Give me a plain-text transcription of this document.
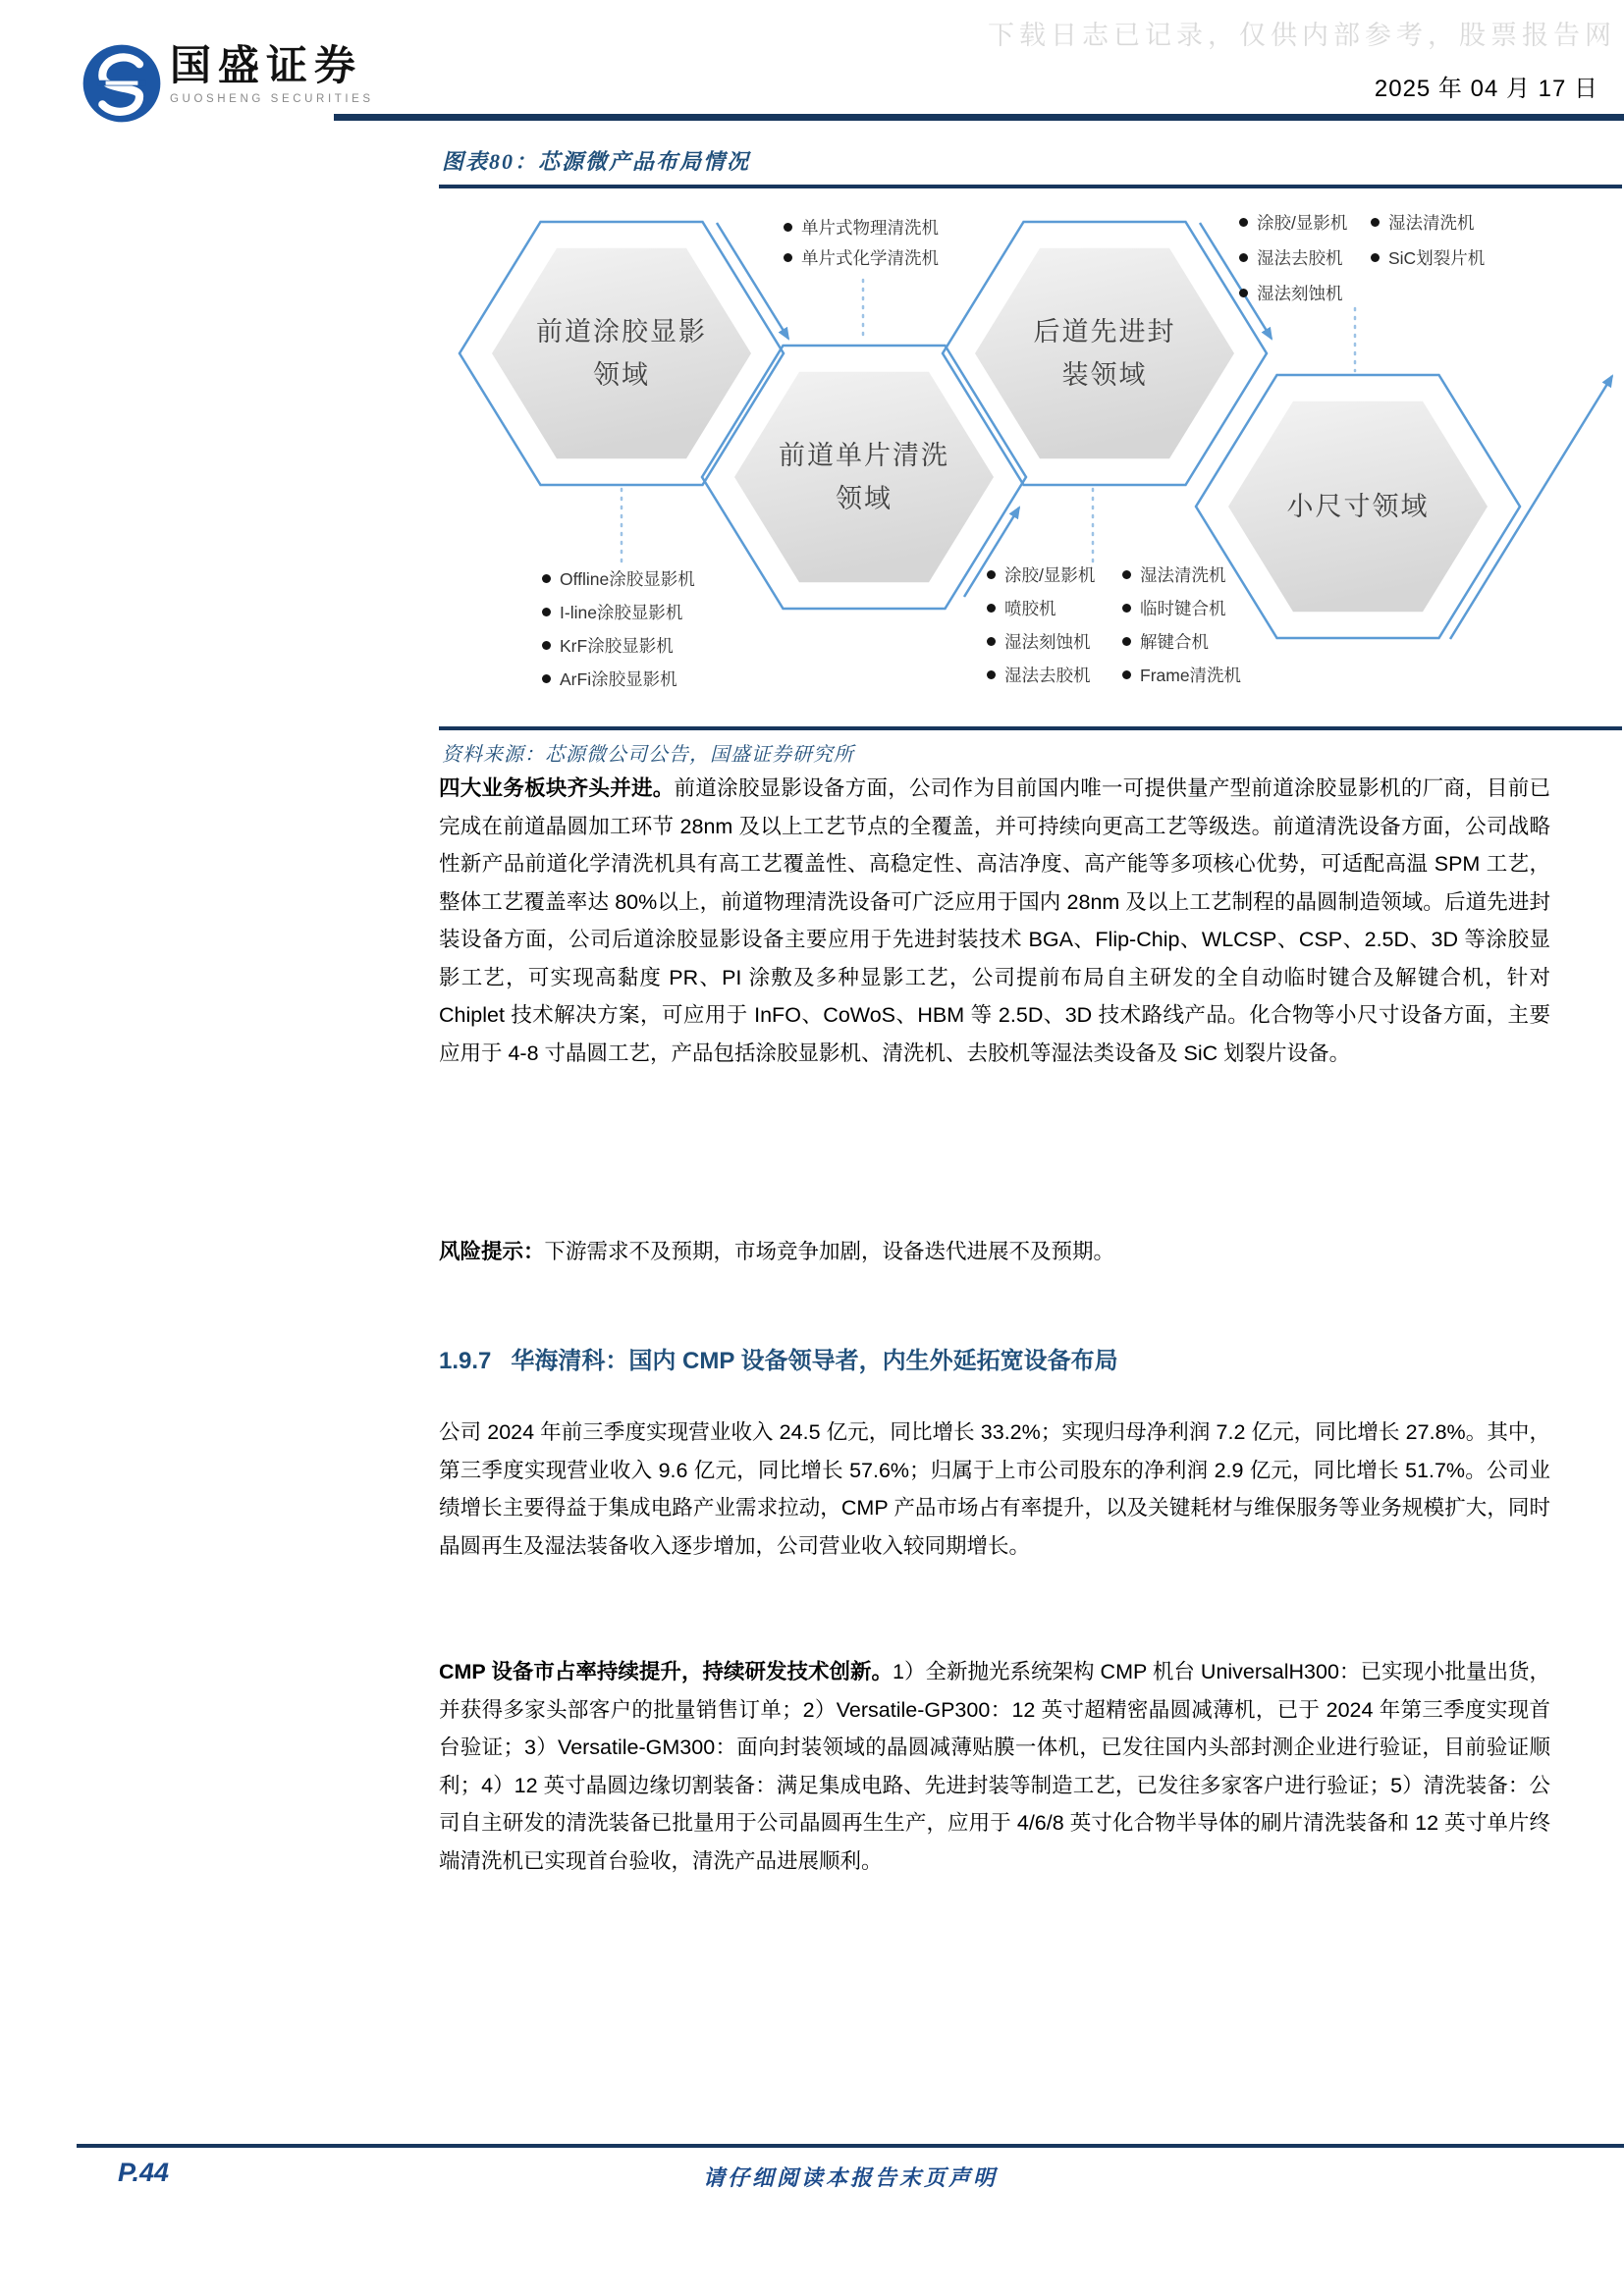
下载日志已记录，仅供内部参考，股票报告网
国盛证券
GUOSHENG SECURITIES	2025 年 04 月 17 日
图表80：芯源微产品布局情况
前道涂胶显影
领域
前道单片清洗
领域
后道先进封
装领域
小尺寸领域
单片式物理清洗机
单片式化学清洗机
涂胶/显影机
湿法去胶机
湿法刻蚀机
湿法清洗机
SiC划裂片机
Offline涂胶显影机
I-line涂胶显影机
KrF涂胶显影机
ArFi涂胶显影机
涂胶/显影机
喷胶机
湿法刻蚀机
湿法去胶机
湿法清洗机
临时键合机
解键合机
Frame清洗机
资料来源：芯源微公司公告，国盛证券研究所

四大业务板块齐头并进。前道涂胶显影设备方面，公司作为目前国内唯一可提供量产型前道涂胶显影机的厂商，目前已完成在前道晶圆加工环节 28nm 及以上工艺节点的全覆盖，并可持续向更高工艺等级迭。前道清洗设备方面，公司战略性新产品前道化学清洗机具有高工艺覆盖性、高稳定性、高洁净度、高产能等多项核心优势，可适配高温 SPM 工艺，整体工艺覆盖率达 80%以上，前道物理清洗设备可广泛应用于国内 28nm 及以上工艺制程的晶圆制造领域。后道先进封装设备方面，公司后道涂胶显影设备主要应用于先进封装技术 BGA、Flip-Chip、WLCSP、CSP、2.5D、3D 等涂胶显影工艺，可实现高黏度 PR、PI 涂敷及多种显影工艺，公司提前布局自主研发的全自动临时键合及解键合机，针对 Chiplet 技术解决方案，可应用于 InFO、CoWoS、HBM 等 2.5D、3D 技术路线产品。化合物等小尺寸设备方面，主要应用于 4-8 寸晶圆工艺，产品包括涂胶显影机、清洗机、去胶机等湿法类设备及 SiC 划裂片设备。

风险提示：下游需求不及预期，市场竞争加剧，设备迭代进展不及预期。

1.9.7 华海清科：国内 CMP 设备领导者，内生外延拓宽设备布局

公司 2024 年前三季度实现营业收入 24.5 亿元，同比增长 33.2%；实现归母净利润 7.2 亿元，同比增长 27.8%。其中，第三季度实现营业收入 9.6 亿元，同比增长 57.6%；归属于上市公司股东的净利润 2.9 亿元，同比增长 51.7%。公司业绩增长主要得益于集成电路产业需求拉动，CMP 产品市场占有率提升，以及关键耗材与维保服务等业务规模扩大，同时晶圆再生及湿法装备收入逐步增加，公司营业收入较同期增长。

CMP 设备市占率持续提升，持续研发技术创新。1）全新抛光系统架构 CMP 机台 UniversalH300：已实现小批量出货，并获得多家头部客户的批量销售订单；2）Versatile-GP300：12 英寸超精密晶圆减薄机，已于 2024 年第三季度实现首台验证；3）Versatile-GM300：面向封装领域的晶圆减薄贴膜一体机，已发往国内头部封测企业进行验证，目前验证顺利；4）12 英寸晶圆边缘切割装备：满足集成电路、先进封装等制造工艺，已发往多家客户进行验证；5）清洗装备：公司自主研发的清洗装备已批量用于公司晶圆再生生产，应用于 4/6/8 英寸化合物半导体的刷片清洗装备和 12 英寸单片终端清洗机已实现首台验收，清洗产品进展顺利。

P.44	请仔细阅读本报告末页声明
